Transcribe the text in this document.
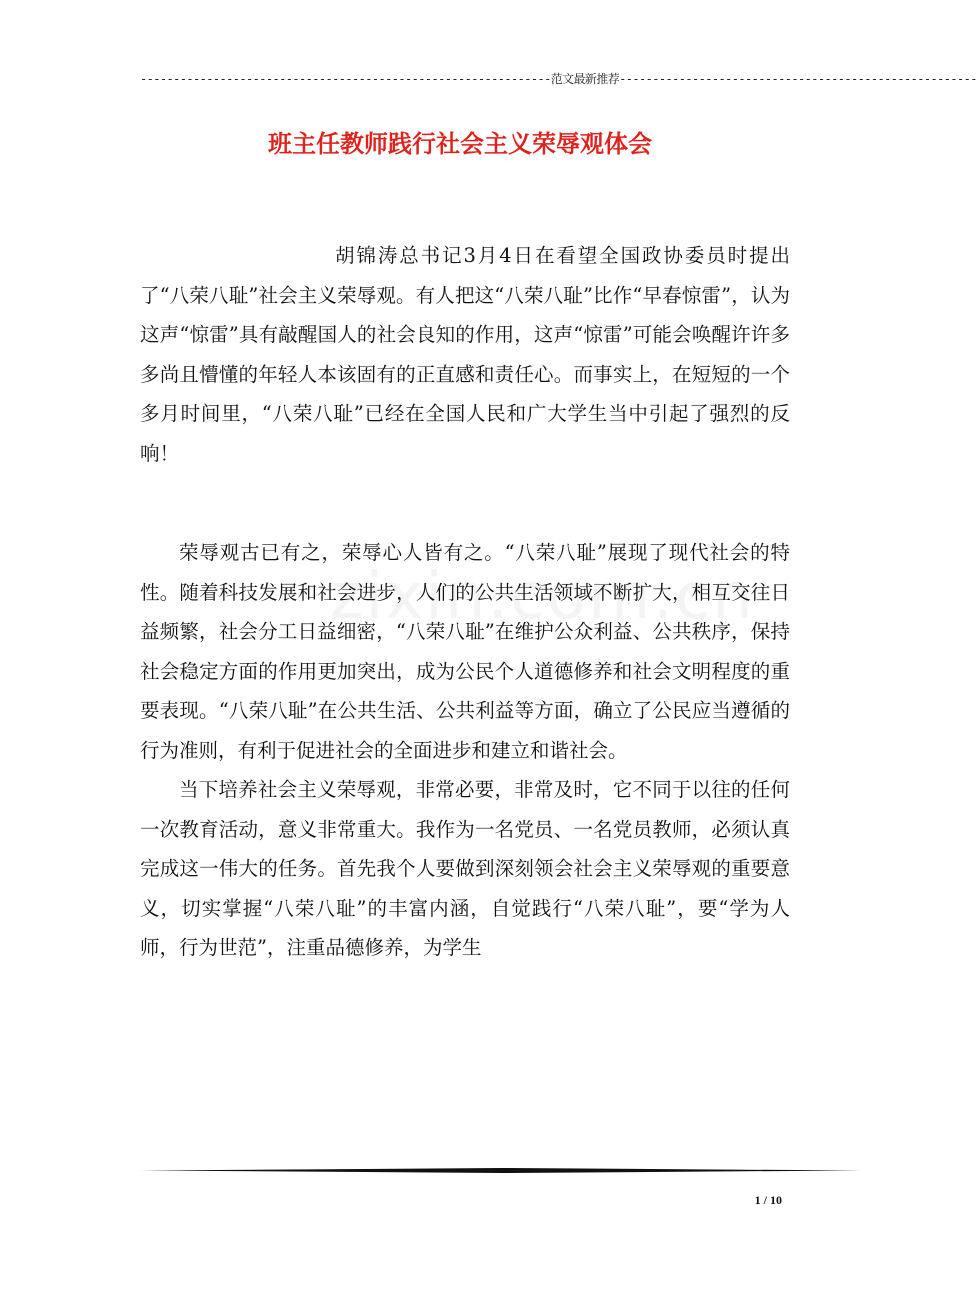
--------------------------------------------------------------范文最新推荐------------------------------------------------------
班主任教师践行社会主义荣辱观体会

胡锦涛总书记3月4日在看望全国政协委员时提出了“八荣八耻”社会主义荣辱观。有人把这“八荣八耻”比作“早春惊雷”，认为这声“惊雷”具有敲醒国人的社会良知的作用，这声“惊雷”可能会唤醒许许多多尚且懵懂的年轻人本该固有的正直感和责任心。而事实上，在短短的一个多月时间里，“八荣八耻”已经在全国人民和广大学生当中引起了强烈的反响！

荣辱观古已有之，荣辱心人皆有之。“八荣八耻”展现了现代社会的特性。随着科技发展和社会进步，人们的公共生活领域不断扩大，相互交往日益频繁，社会分工日益细密，“八荣八耻”在维护公众利益、公共秩序，保持社会稳定方面的作用更加突出，成为公民个人道德修养和社会文明程度的重要表现。“八荣八耻”在公共生活、公共利益等方面，确立了公民应当遵循的行为准则，有利于促进社会的全面进步和建立和谐社会。

当下培养社会主义荣辱观，非常必要，非常及时，它不同于以往的任何一次教育活动，意义非常重大。我作为一名党员、一名党员教师，必须认真完成这一伟大的任务。首先我个人要做到深刻领会社会主义荣辱观的重要意义，切实掌握“八荣八耻”的丰富内涵，自觉践行“八荣八耻”，要“学为人师，行为世范”，注重品德修养，为学生

1 / 10
